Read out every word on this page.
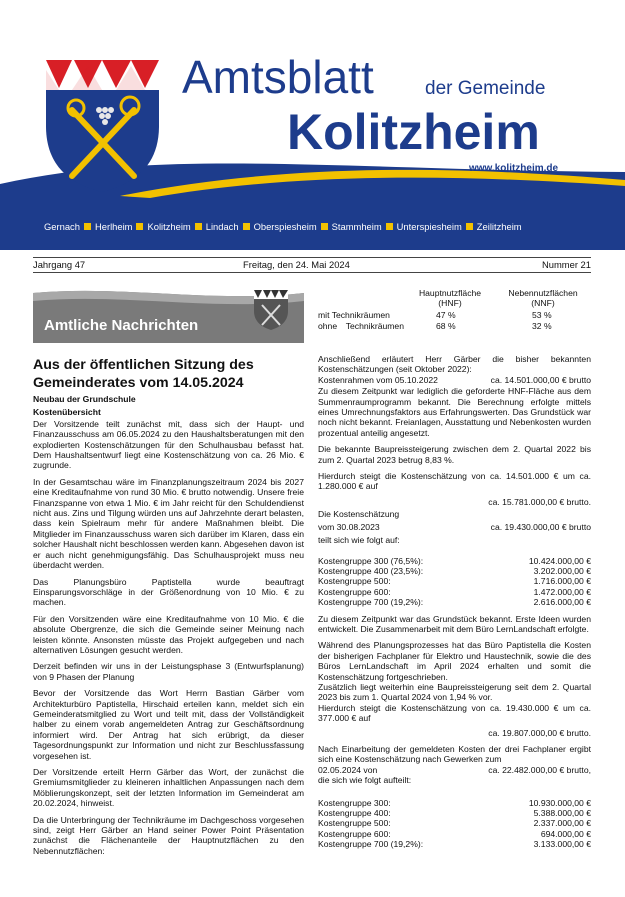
Amtsblatt	der Gemeinde
Kolitzheim
www.kolitzheim.de
Gernach Herlheim Kolitzheim Lindach Oberspiesheim Stammheim Unterspiesheim Zeilitzheim
Jahrgang 47	Freitag, den 24. Mai 2024	Nummer 21
Amtliche Nachrichten
Aus der öffentlichen Sitzung des Gemeinderates vom 14.05.2024
Neubau der Grundschule
Kostenübersicht

Der Vorsitzende teilt zunächst mit, dass sich der Haupt- und Finanzausschuss am 06.05.2024 zu den Haushaltsberatungen mit den explodierten Kostenschätzungen für den Schulhausbau befasst hat. Dem Haushaltsentwurf liegt eine Kostenschätzung von ca. 26 Mio. € zugrunde.

In der Gesamtschau wäre im Finanzplanungszeitraum 2024 bis 2027 eine Kreditaufnahme von rund 30 Mio. € brutto notwendig. Unsere freie Finanzspanne von etwa 1 Mio. € im Jahr reicht für den Schuldendienst nicht aus. Zins und Tilgung würden uns auf Jahrzehnte derart belasten, dass kein Spielraum mehr für andere Maßnahmen bleibt. Die Mitglieder im Finanzausschuss waren sich darüber im Klaren, dass ein solcher Haushalt nicht beschlossen werden kann. Abgesehen davon ist er auch nicht genehmigungsfähig. Das Schulhausprojekt muss neu überdacht werden.

Das Planungsbüro Paptistella wurde beauftragt Einsparungsvorschläge in der Größenordnung von 10 Mio. € zu machen.

Für den Vorsitzenden wäre eine Kreditaufnahme von 10 Mio. € die absolute Obergrenze, die sich die Gemeinde seiner Meinung nach leisten könnte. Ansonsten müsste das Projekt aufgegeben und nach alternativen Lösungen gesucht werden.

Derzeit befinden wir uns in der Leistungsphase 3 (Entwurfsplanung) von 9 Phasen der Planung

Bevor der Vorsitzende das Wort Herrn Bastian Gärber vom Architekturbüro Paptistella, Hirschaid erteilen kann, meldet sich ein Gemeinderatsmitglied zu Wort und teilt mit, dass der Vollständigkeit halber zu einem vorab angemeldeten Antrag zur Geschäftsordnung informiert wird. Der Antrag hat sich erübrigt, da dieser Tagesordnungspunkt zur Information und nicht zur Beschlussfassung vorgesehen ist.

Der Vorsitzende erteilt Herrn Gärber das Wort, der zunächst die Gremiumsmitglieder zu kleineren inhaltlichen Anpassungen nach dem Möblierungskonzept, seit der letzten Information im Gemeinderat am 20.02.2024, hinweist.

Da die Unterbringung der Technikräume im Dachgeschoss vorgesehen sind, zeigt Herr Gärber an Hand seiner Power Point Präsentation zunächst die Flächenanteile der Hauptnutzflächen zu den Nebennutzflächen:

Hauptnutzfläche (HNF)
Nebennutzflächen (NNF)
mit Technikräumen	47 %	53 %
ohne Technikräumen	68 %	32 %

Anschließend erläutert Herr Gärber die bisher bekannten Kostenschätzungen (seit Oktober 2022):

Kostenrahmen vom 05.10.2022	ca. 14.501.000,00 € brutto

Zu diesem Zeitpunkt war lediglich die geforderte HNF-Fläche aus dem Summenraumprogramm bekannt. Die Berechnung erfolgte mittels eines Umrechnungsfaktors aus Erfahrungswerten. Das Grundstück war noch nicht bekannt. Freianlagen, Ausstattung und Nebenkosten wurden prozentual anteilig angesetzt.

Die bekannte Baupreissteigerung zwischen dem 2. Quartal 2022 bis zum 2. Quartal 2023 betrug 8,83 %.

Hierdurch steigt die Kostenschätzung von ca. 14.501.000 € um ca. 1.280.000 € auf

ca. 15.781.000,00 € brutto.
Die Kostenschätzung
vom 30.08.2023	ca. 19.430.000,00 € brutto
teilt sich wie folgt auf:
Kostengruppe 300 (76,5%):	10.424.000,00 €
Kostengruppe 400 (23,5%):	3.202.000,00 €
Kostengruppe 500:	1.716.000,00 €
Kostengruppe 600:	1.472.000,00 €
Kostengruppe 700 (19,2%):	2.616.000,00 €

Zu diesem Zeitpunkt war das Grundstück bekannt. Erste Ideen wurden entwickelt. Die Zusammenarbeit mit dem Büro LernLandschaft erfolgte.

Während des Planungsprozesses hat das Büro Paptistella die Kosten der bisherigen Fachplaner für Elektro und Haustechnik, sowie die des Büros LernLandschaft im April 2024 erhalten und somit die Kostenschätzung fortgeschrieben.

Zusätzlich liegt weiterhin eine Baupreissteigerung seit dem 2. Quartal 2023 bis zum 1. Quartal 2024 von 1,94 % vor.

Hierdurch steigt die Kostenschätzung von ca. 19.430.000 € um ca. 377.000 € auf

ca. 19.807.000,00 € brutto.

Nach Einarbeitung der gemeldeten Kosten der drei Fachplaner ergibt sich eine Kostenschätzung nach Gewerken zum

02.05.2024 von	ca. 22.482.000,00 € brutto,
die sich wie folgt aufteilt:
Kostengruppe 300:	10.930.000,00 €
Kostengruppe 400:	5.388.000,00 €
Kostengruppe 500:	2.337.000,00 €
Kostengruppe 600:	694.000,00 €
Kostengruppe 700 (19,2%):	3.133.000,00 €
